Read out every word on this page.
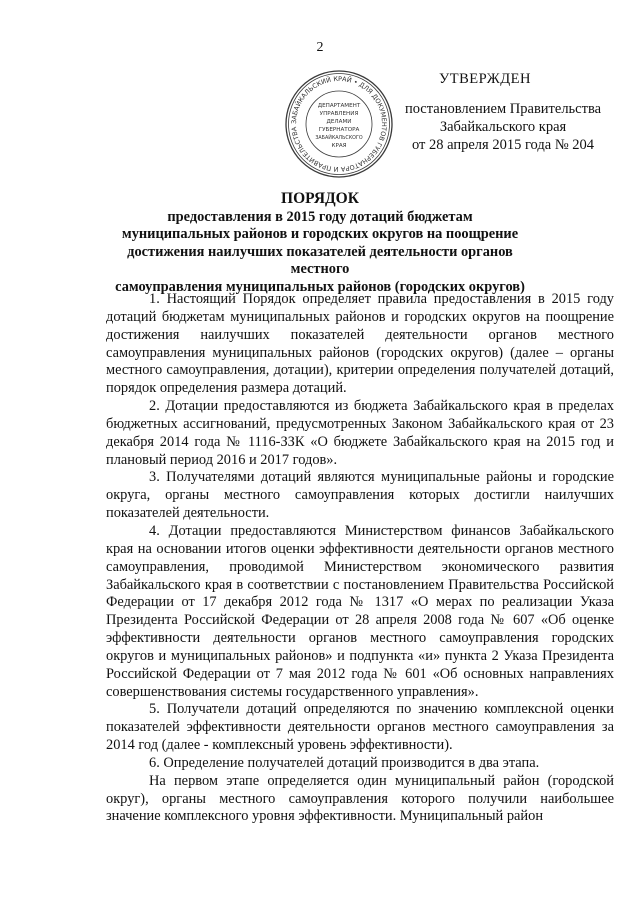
2
ЗАБАЙКАЛЬСКИЙ КРАЙ • ДЛЯ ДОКУМЕНТОВ ГУБЕРНАТОРА И ПРАВИТЕЛЬСТВА
ДЕПАРТАМЕНТ
УПРАВЛЕНИЯ
ДЕЛАМИ
ГУБЕРНАТОРА
ЗАБАЙКАЛЬСКОГО
КРАЯ
УТВЕРЖДЕН
постановлением Правительства
Забайкальского края
от 28 апреля 2015 года № 204
ПОРЯДОК
предоставления в 2015 году дотаций бюджетам
муниципальных районов и городских округов на поощрение
достижения наилучших показателей деятельности органов местного
самоуправления муниципальных районов (городских округов)

1. Настоящий Порядок определяет правила предоставления в 2015 году дотаций бюджетам муниципальных районов и городских округов на поощрение достижения наилучших показателей деятельности органов местного самоуправления муниципальных районов (городских округов) (далее – органы местного самоуправления, дотации), критерии определения получателей дотаций, порядок определения размера дотаций.

2. Дотации предоставляются из бюджета Забайкальского края в пределах бюджетных ассигнований, предусмотренных Законом Забайкальского края от 23 декабря 2014 года № 1116-ЗЗК «О бюджете Забайкальского края на 2015 год и плановый период 2016 и 2017 годов».

3. Получателями дотаций являются муниципальные районы и городские округа, органы местного самоуправления которых достигли наилучших показателей деятельности.

4. Дотации предоставляются Министерством финансов Забайкальского края на основании итогов оценки эффективности деятельности органов местного самоуправления, проводимой Министерством экономического развития Забайкальского края в соответствии с постановлением Правительства Российской Федерации от 17 декабря 2012 года № 1317 «О мерах по реализации Указа Президента Российской Федерации от 28 апреля 2008 года № 607 «Об оценке эффективности деятельности органов местного самоуправления городских округов и муниципальных районов» и подпункта «и» пункта 2 Указа Президента Российской Федерации от 7 мая 2012 года № 601 «Об основных направлениях совершенствования системы государственного управления».

5. Получатели дотаций определяются по значению комплексной оценки показателей эффективности деятельности органов местного самоуправления за 2014 год (далее - комплексный уровень эффективности).

6. Определение получателей дотаций производится в два этапа.

На первом этапе определяется один муниципальный район (городской округ), органы местного самоуправления которого получили наибольшее значение комплексного уровня эффективности. Муниципальный район
